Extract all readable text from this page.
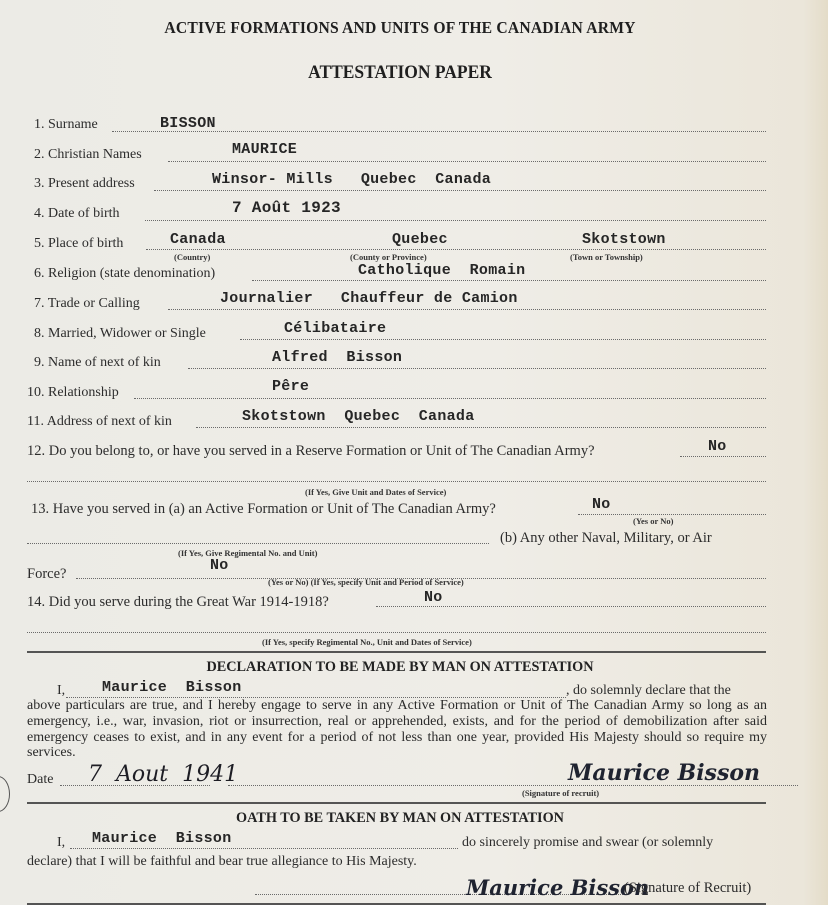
ACTIVE FORMATIONS AND UNITS OF THE CANADIAN ARMY
ATTESTATION PAPER
1. Surname	BISSON
2. Christian Names	MAURICE
3. Present address	Winsor- Mills   Quebec  Canada
4. Date of birth	7 Août 1923
5. Place of birth	Canada	Quebec	Skotstown
(Country)	(County or Province)	(Town or Township)
6. Religion (state denomination)	Catholique  Romain
7. Trade or Calling	Journalier   Chauffeur de Camion
8. Married, Widower or Single	Célibataire
9. Name of next of kin	Alfred  Bisson
10. Relationship	Pêre
11. Address of next of kin	Skotstown  Quebec  Canada
12. Do you belong to, or have you served in a Reserve Formation or Unit of The Canadian Army?	No
(If Yes, Give Unit and Dates of Service)
13. Have you served in (a) an Active Formation or Unit of The Canadian Army?	No
(Yes or No)
(b) Any other Naval, Military, or Air
(If Yes, Give Regimental No. and Unit)
Force?	No
(Yes or No) (If Yes, specify Unit and Period of Service)
14. Did you serve during the Great War 1914-1918?	No
(If Yes, specify Regimental No., Unit and Dates of Service)
DECLARATION TO BE MADE BY MAN ON ATTESTATION
I, Maurice  Bisson	, do solemnly declare that the
above particulars are true, and I hereby engage to serve in any Active Formation or Unit of The Canadian Army so long as an emergency, i.e., war, invasion, riot or insurrection, real or apprehended, exists, and for the period of demobilization after said emergency ceases to exist, and in any event for a period of not less than one year, provided His Majesty should so require my services.
Date 7  Aout  1941	Maurice Bisson
(Signature of recruit)
OATH TO BE TAKEN BY MAN ON ATTESTATION
I, Maurice  Bisson	do sincerely promise and swear (or solemnly
declare) that I will be faithful and bear true allegiance to His Majesty.
Maurice Bisson
(Signature of Recruit)
